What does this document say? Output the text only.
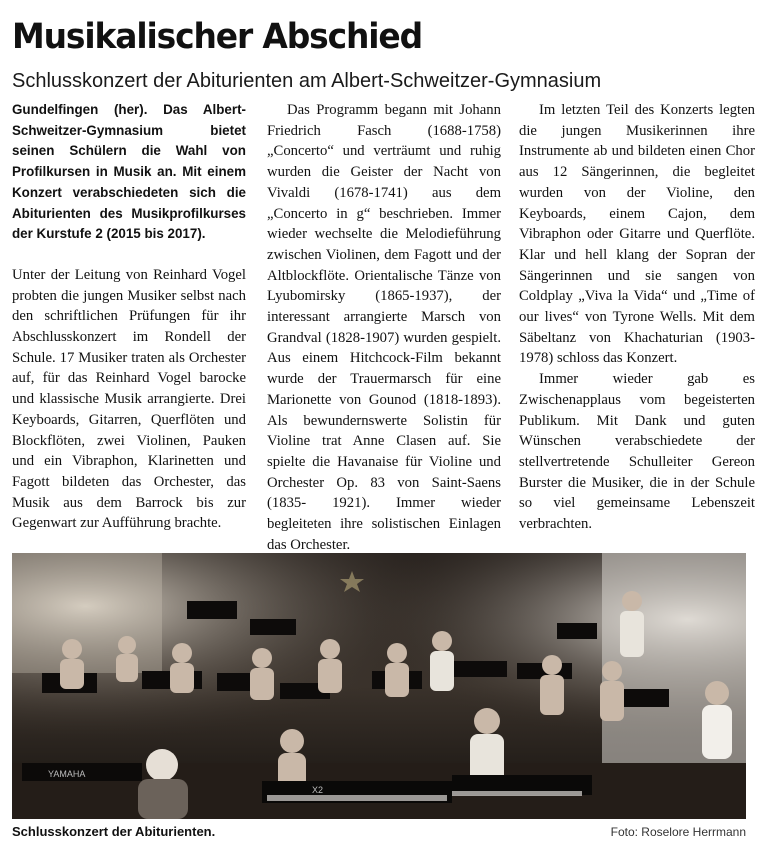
Musikalischer Abschied
Schlusskonzert der Abiturienten am Albert-Schweitzer-Gymnasium

Gundelfingen (her). Das Albert-Schweitzer-Gymnasium bietet seinen Schülern die Wahl von Profilkursen in Musik an. Mit einem Konzert verabschiedeten sich die Abiturienten des Musikprofilkurses der Kurstufe 2 (2015 bis 2017).

Unter der Leitung von Reinhard Vogel probten die jungen Musiker selbst nach den schriftlichen Prüfungen für ihr Abschlusskonzert im Rondell der Schule. 17 Musiker traten als Orchester auf, für das Reinhard Vogel barocke und klassische Musik arrangierte. Drei Keyboards, Gitarren, Querflöten und Blockflöten, zwei Violinen, Pauken und ein Vibraphon, Klarinetten und Fagott bildeten das Orchester, das Musik aus dem Barrock bis zur Gegenwart zur Aufführung brachte.

Das Programm begann mit Johann Friedrich Fasch (1688-1758) „Concerto“ und verträumt und ruhig wurden die Geister der Nacht von Vivaldi (1678-1741) aus dem „Concerto in g“ beschrieben. Immer wieder wechselte die Melodieführung zwischen Violinen, dem Fagott und der Altblockflöte. Orientalische Tänze von Lyubomirsky (1865-1937), der interessant arrangierte Marsch von Grandval (1828-1907) wurden gespielt. Aus einem Hitchcock-Film bekannt wurde der Trauermarsch für eine Marionette von Gounod (1818-1893). Als bewundernswerte Solistin für Violine trat Anne Clasen auf. Sie spielte die Havanaise für Violine und Orchester Op. 83 von Saint-Saens (1835- 1921). Immer wieder begleiteten ihre solistischen Einlagen das Orchester.

Im letzten Teil des Konzerts legten die jungen Musikerinnen ihre Instrumente ab und bildeten einen Chor aus 12 Sängerinnen, die begleitet wurden von der Violine, den Keyboards, einem Cajon, dem Vibraphon oder Gitarre und Querflöte. Klar und hell klang der Sopran der Sängerinnen und sie sangen von Coldplay „Viva la Vida“ und „Time of our lives“ von Tyrone Wells. Mit dem Säbeltanz von Khachaturian (1903-1978) schloss das Konzert.

Immer wieder gab es Zwischenapplaus vom begeisterten Publikum. Mit Dank und guten Wünschen verabschiedete der stellvertretende Schulleiter Gereon Burster die Musiker, die in der Schule so viel gemeinsame Lebenszeit verbrachten.

YAMAHA
X2
Schlusskonzert der Abiturienten.	Foto: Roselore Herrmann
